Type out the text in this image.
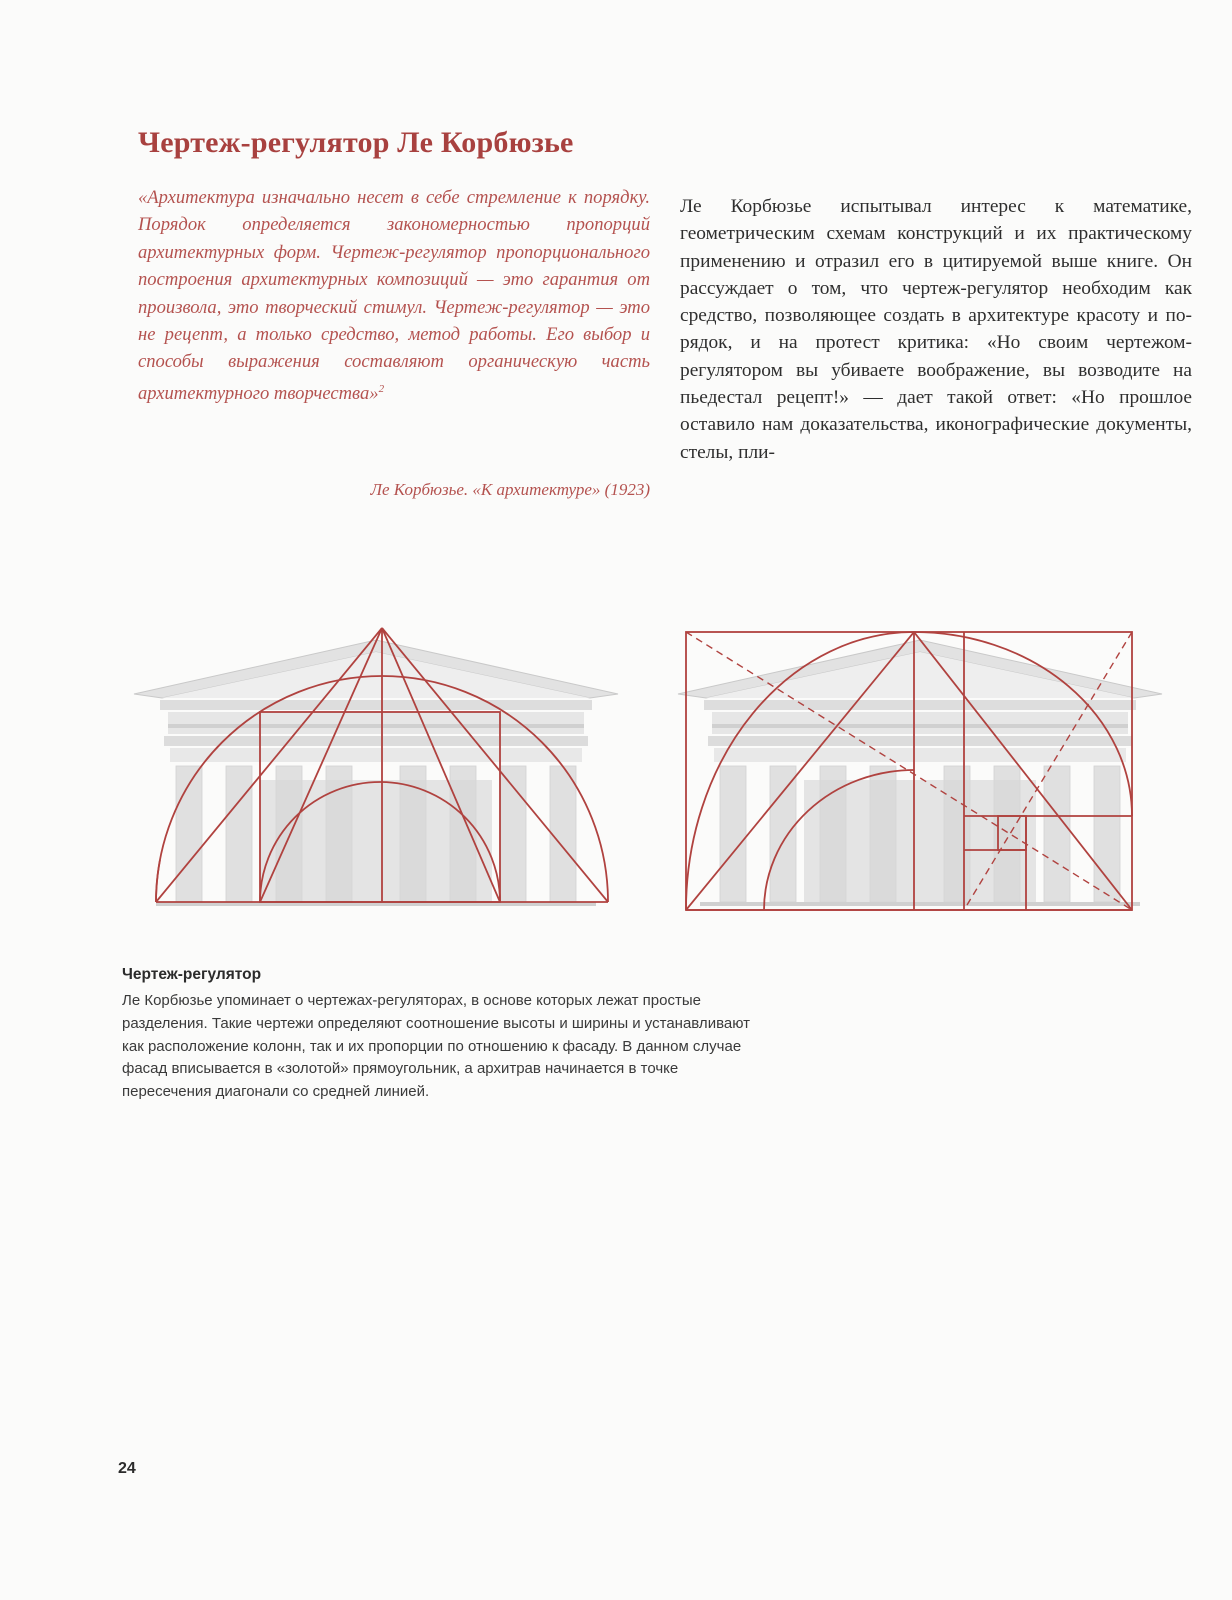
Чертеж-регулятор Ле Корбюзье
«Архитектура изначально несет в себе стремление к порядку. Порядок определяется закономерностью пропорций архитектурных форм. Чертеж-регулятор пропорционального построения архитектурных композиций — это гарантия от произвола, это творческий стимул. Чертеж-регулятор — это не рецепт, а только средство, метод работы. Его выбор и способы выражения составляют органическую часть архитектурного творчества»$^2$
Ле Корбюзье. «К архитектуре» (1923)
Ле Корбюзье испытывал интерес к математике, геометрическим схемам конструкций и их практическому применению и отразил его в цитируемой выше книге. Он рассуждает о том, что чертеж-регулятор необходим как средство, позволяющее создать в архитектуре красоту и порядок, и на протест критика: «Но своим чертежом-регулятором вы убиваете воображение, вы возводите на пьедестал рецепт!» — дает такой ответ: «Но прошлое оставило нам доказательства, иконографические документы, стелы, пли-
Чертеж-регулятор
Ле Корбюзье упоминает о чертежах-регуляторах, в основе которых лежат простые разделения. Такие чертежи определяют соотношение высоты и ширины и устанавливают как расположение колонн, так и их пропорции по отношению к фасаду. В данном случае фасад вписывается в «золотой» прямоугольник, а архитрав начинается в точке пересечения диагонали со средней линией.
24
